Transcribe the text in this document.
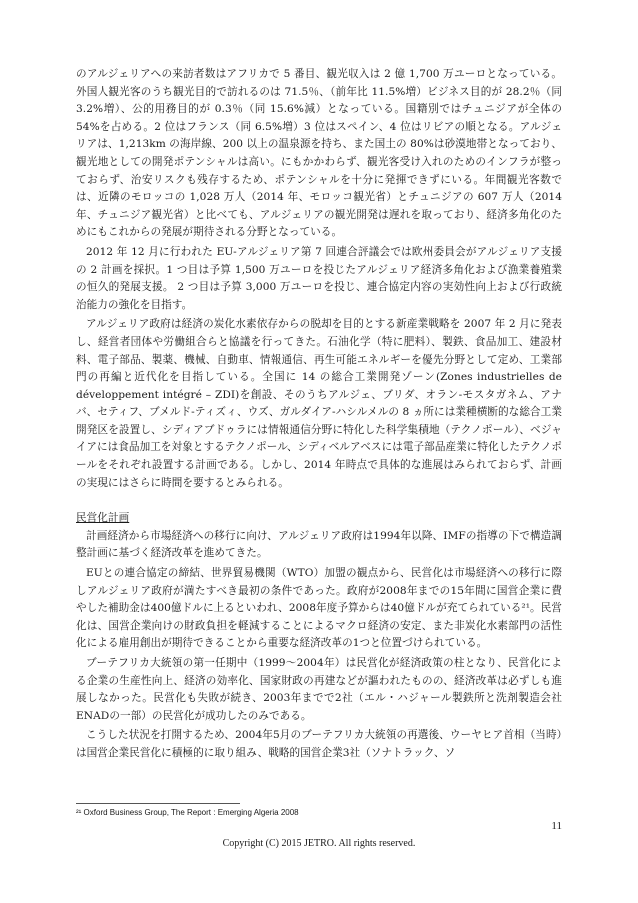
のアルジェリアへの来訪者数はアフリカで 5 番目、観光収入は 2 億 1,700 万ユーロとなっている。外国人観光客のうち観光目的で訪れるのは 71.5％、（前年比 11.5%増）ビジネス目的が 28.2％（同 3.2%増）、公的用務目的が 0.3％（同 15.6%減）となっている。国籍別ではチュニジアが全体の 54%を占める。2 位はフランス（同 6.5%増）3 位はスペイン、4 位はリビアの順となる。アルジェリアは、1,213km の海岸線、200 以上の温泉源を持ち、また国土の 80%は砂漠地帯となっており、観光地としての開発ポテンシャルは高い。にもかかわらず、観光客受け入れのためのインフラが整っておらず、治安リスクも残存するため、ポテンシャルを十分に発揮できずにいる。年間観光客数では、近隣のモロッコの 1,028 万人（2014 年、モロッコ観光省）とチュニジアの 607 万人（2014 年、チュニジア観光省）と比べても、アルジェリアの観光開発は遅れを取っており、経済多角化のためにもこれからの発展が期待される分野となっている。

2012 年 12 月に行われた EU-アルジェリア第 7 回連合評議会では欧州委員会がアルジェリア支援の 2 計画を採択。1 つ目は予算 1,500 万ユーロを投じたアルジェリア経済多角化および漁業養殖業の恒久的発展支援。 2 つ目は予算 3,000 万ユーロを投じ、連合協定内容の実効性向上および行政統治能力の強化を目指す。

アルジェリア政府は経済の炭化水素依存からの脱却を目的とする新産業戦略を 2007 年 2 月に発表し、経営者団体や労働組合らと協議を行ってきた。石油化学（特に肥料）、製鉄、食品加工、建設材料、電子部品、製薬、機械、自動車、情報通信、再生可能エネルギーを優先分野として定め、工業部門の再編と近代化を目指している。全国に 14 の総合工業開発ゾーン(Zones industrielles de développement intégré – ZDI)を創設、そのうちアルジェ、ブリダ、オラン-モスタガネム、アナバ、セティフ、ブメルド-ティズィ、ウズ、ガルダイア-ハシルメルの 8 ヵ所には業種横断的な総合工業開発区を設置し、シディアブドゥラには情報通信分野に特化した科学集積地（テクノポール）、ベジャイアには食品加工を対象とするテクノポール、シディベルアベスには電子部品産業に特化したテクノポールをそれぞれ設置する計画である。しかし、2014 年時点で具体的な進展はみられておらず、計画の実現にはさらに時間を要するとみられる。

民営化計画

計画経済から市場経済への移行に向け、アルジェリア政府は1994年以降、IMFの指導の下で構造調整計画に基づく経済改革を進めてきた。

EUとの連合協定の締結、世界貿易機関（WTO）加盟の観点から、民営化は市場経済への移行に際しアルジェリア政府が満たすべき最初の条件であった。政府が2008年までの15年間に国営企業に費やした補助金は400億ドルに上るといわれ、2008年度予算からは40億ドルが充てられている²¹。民営化は、国営企業向けの財政負担を軽減することによるマクロ経済の安定、また非炭化水素部門の活性化による雇用創出が期待できることから重要な経済改革の1つと位置づけられている。

ブーテフリカ大統領の第一任期中（1999～2004年）は民営化が経済政策の柱となり、民営化による企業の生産性向上、経済の効率化、国家財政の再建などが謳われたものの、経済改革は必ずしも進展しなかった。民営化も失敗が続き、2003年までで2社（エル・ハジャール製鉄所と洗剤製造会社ENADの一部）の民営化が成功したのみである。

こうした状況を打開するため、2004年5月のブーテフリカ大統領の再選後、ウーヤヒア首相（当時）は国営企業民営化に積極的に取り組み、戦略的国営企業3社（ソナトラック、ソ

²¹ Oxford Business Group, The Report : Emerging Algeria 2008
11
Copyright (C) 2015 JETRO. All rights reserved.
